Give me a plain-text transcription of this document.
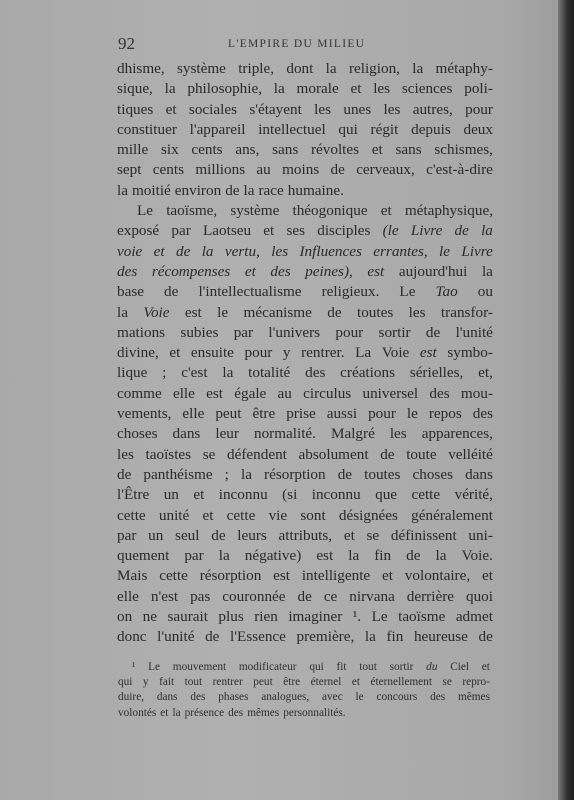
92	L'EMPIRE DU MILIEU
dhisme, système triple, dont la religion, la métaphy-
sique, la philosophie, la morale et les sciences poli-
tiques et sociales s'étayent les unes les autres, pour
constituer l'appareil intellectuel qui régit depuis deux
mille six cents ans, sans révoltes et sans schismes,
sept cents millions au moins de cerveaux, c'est-à-dire
la moitié environ de la race humaine.
Le taoïsme, système théogonique et métaphysique,
exposé par Laotseu et ses disciples (le Livre de la
voie et de la vertu, les Influences errantes, le Livre
des récompenses et des peines), est aujourd'hui la
base de l'intellectualisme religieux. Le Tao ou
la Voie est le mécanisme de toutes les transfor-
mations subies par l'univers pour sortir de l'unité
divine, et ensuite pour y rentrer. La Voie est symbo-
lique ; c'est la totalité des créations sérielles, et,
comme elle est égale au circulus universel des mou-
vements, elle peut être prise aussi pour le repos des
choses dans leur normalité. Malgré les apparences,
les taoïstes se défendent absolument de toute velléité
de panthéisme ; la résorption de toutes choses dans
l'Être un et inconnu (si inconnu que cette vérité,
cette unité et cette vie sont désignées généralement
par un seul de leurs attributs, et se définissent uni-
quement par la négative) est la fin de la Voie.
Mais cette résorption est intelligente et volontaire, et
elle n'est pas couronnée de ce nirvana derrière quoi
on ne saurait plus rien imaginer ¹. Le taoïsme admet
donc l'unité de l'Essence première, la fin heureuse de
¹ Le mouvement modificateur qui fit tout sortir du Ciel et
qui y fait tout rentrer peut être éternel et éternellement se repro-
duire, dans des phases analogues, avec le concours des mêmes
volontés et la présence des mêmes personnalités.
